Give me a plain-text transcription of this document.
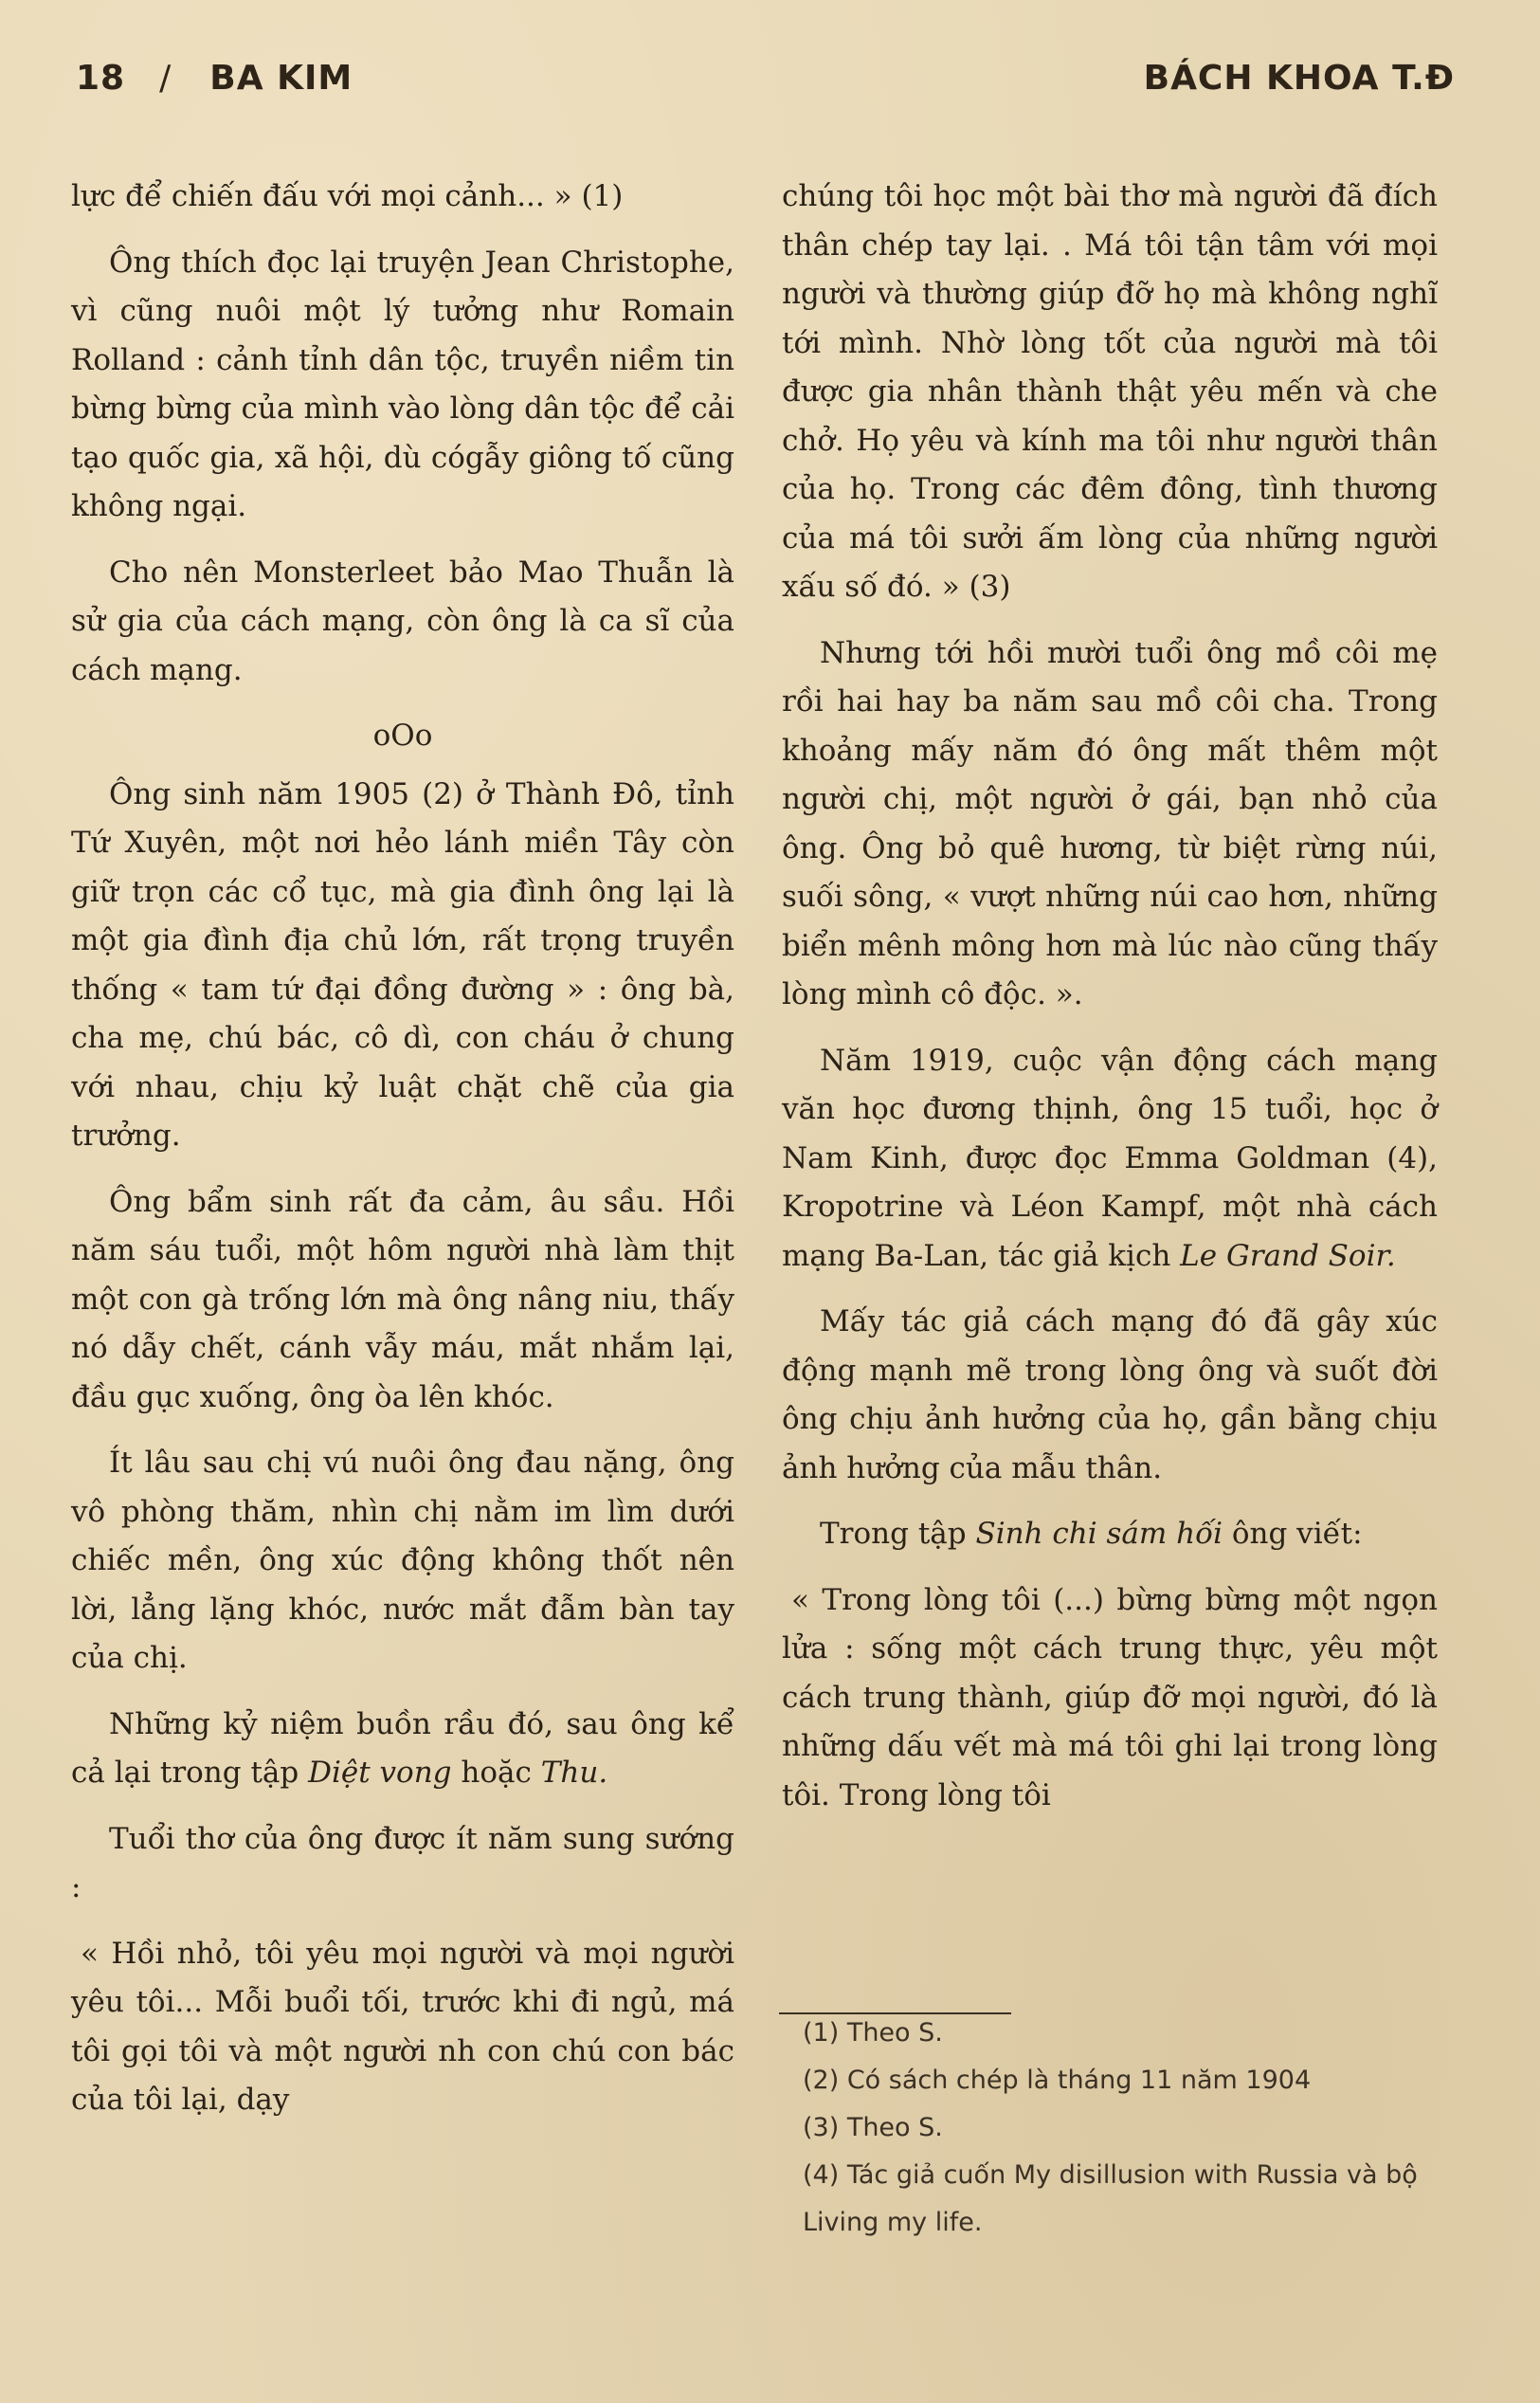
18 / BA KIM	BÁCH KHOA T.Đ

lực để chiến đấu với mọi cảnh... » (1)

Ông thích đọc lại truyện Jean Christophe, vì cũng nuôi một lý tưởng như Romain Rolland : cảnh tỉnh dân tộc, truyền niềm tin bừng bừng của mình vào lòng dân tộc để cải tạo quốc gia, xã hội, dù cógẫy giông tố cũng không ngại.

Cho nên Monsterleet bảo Mao Thuẫn là sử gia của cách mạng, còn ông là ca sĩ của cách mạng.

oOo

Ông sinh năm 1905 (2) ở Thành Đô, tỉnh Tứ Xuyên, một nơi hẻo lánh miền Tây còn giữ trọn các cổ tục, mà gia đình ông lại là một gia đình địa chủ lớn, rất trọng truyền thống « tam tứ đại đồng đường » : ông bà, cha mẹ, chú bác, cô dì, con cháu ở chung với nhau, chịu kỷ luật chặt chẽ của gia trưởng.

Ông bẩm sinh rất đa cảm, âu sầu. Hồi năm sáu tuổi, một hôm người nhà làm thịt một con gà trống lớn mà ông nâng niu, thấy nó dẫy chết, cánh vẫy máu, mắt nhắm lại, đầu gục xuống, ông òa lên khóc.

Ít lâu sau chị vú nuôi ông đau nặng, ông vô phòng thăm, nhìn chị nằm im lìm dưới chiếc mền, ông xúc động không thốt nên lời, lẳng lặng khóc, nước mắt đẫm bàn tay của chị.

Những kỷ niệm buồn rầu đó, sau ông kể cả lại trong tập Diệt vong hoặc Thu.

Tuổi thơ của ông được ít năm sung sướng :

« Hồi nhỏ, tôi yêu mọi người và mọi người yêu tôi... Mỗi buổi tối, trước khi đi ngủ, má tôi gọi tôi và một người nh con chú con bác của tôi lại, dạy

chúng tôi học một bài thơ mà người đã đích thân chép tay lại. . Má tôi tận tâm với mọi người và thường giúp đỡ họ mà không nghĩ tới mình. Nhờ lòng tốt của người mà tôi được gia nhân thành thật yêu mến và che chở. Họ yêu và kính ma tôi như người thân của họ. Trong các đêm đông, tình thương của má tôi sưởi ấm lòng của những người xấu số đó. » (3)

Nhưng tới hồi mười tuổi ông mồ côi mẹ rồi hai hay ba năm sau mồ côi cha. Trong khoảng mấy năm đó ông mất thêm một người chị, một người ở gái, bạn nhỏ của ông. Ông bỏ quê hương, từ biệt rừng núi, suối sông, « vượt những núi cao hơn, những biển mênh mông hơn mà lúc nào cũng thấy lòng mình cô độc. ».

Năm 1919, cuộc vận động cách mạng văn học đương thịnh, ông 15 tuổi, học ở Nam Kinh, được đọc Emma Goldman (4), Kropotrine và Léon Kampf, một nhà cách mạng Ba-Lan, tác giả kịch Le Grand Soir.

Mấy tác giả cách mạng đó đã gây xúc động mạnh mẽ trong lòng ông và suốt đời ông chịu ảnh hưởng của họ, gần bằng chịu ảnh hưởng của mẫu thân.

Trong tập Sinh chi sám hối ông viết:

« Trong lòng tôi (...) bừng bừng một ngọn lửa : sống một cách trung thực, yêu một cách trung thành, giúp đỡ mọi người, đó là những dấu vết mà má tôi ghi lại trong lòng tôi. Trong lòng tôi

(1) Theo S.

(2) Có sách chép là tháng 11 năm 1904

(3) Theo S.

(4) Tác giả cuốn My disillusion with Russia và bộ Living my life.
